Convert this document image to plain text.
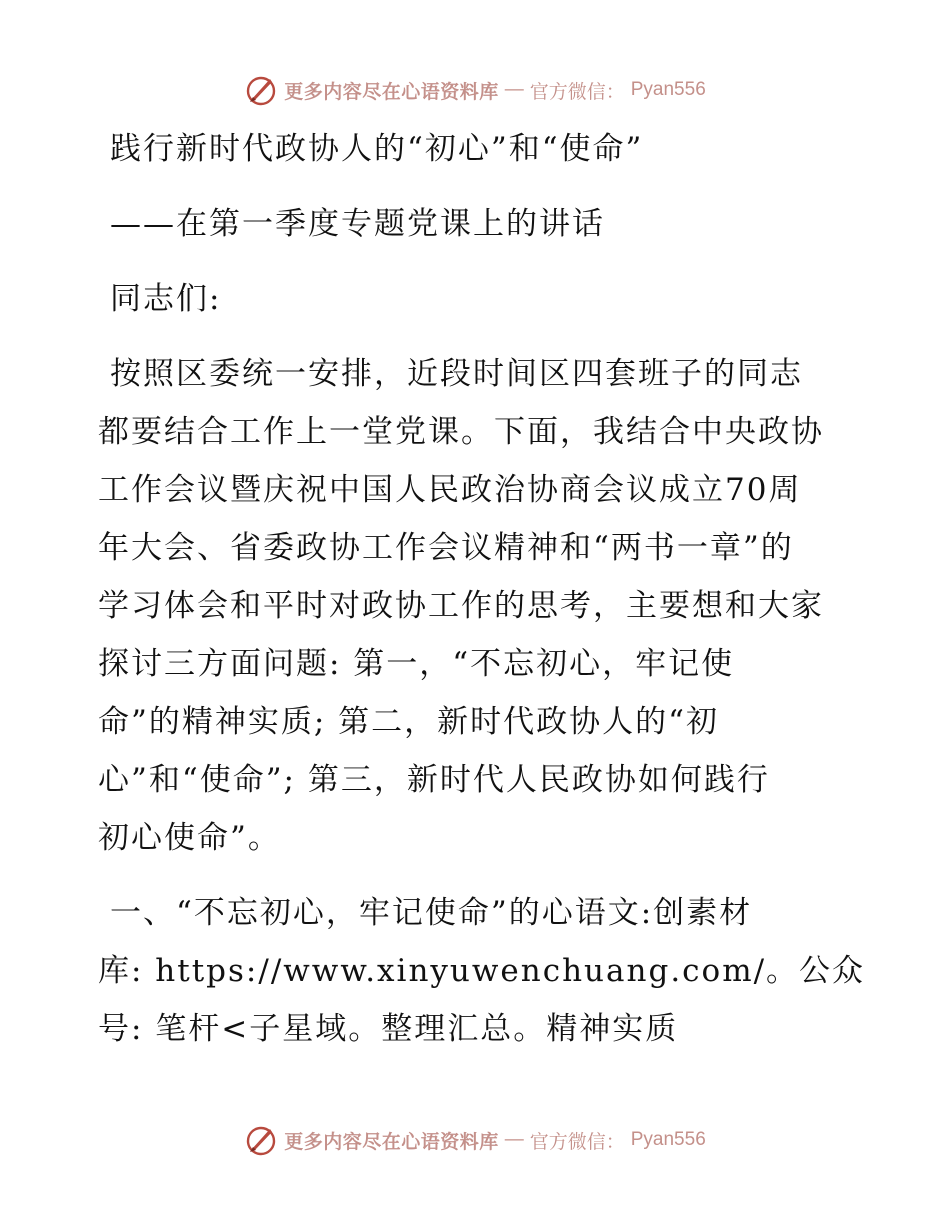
更多内容尽在心语资料库 — 官方微信： Pyan556
践行新时代政协人的“初心”和“使命”
——在第一季度专题党课上的讲话
同志们:
按照区委统一安排，近段时间区四套班子的同志
都要结合工作上一堂党课。下面，我结合中央政协
工作会议暨庆祝中国人民政治协商会议成立70周
年大会、省委政协工作会议精神和“两书一章”的
学习体会和平时对政协工作的思考，主要想和大家
探讨三方面问题: 第一，“不忘初心，牢记使
命”的精神实质; 第二，新时代政协人的“初
心”和“使命”; 第三，新时代人民政协如何践行
初心使命”。
一、“不忘初心，牢记使命”的心语文:创素材
库: https://www.xinyuwenchuang.com/。公众
号: 笔杆<子星域。整理汇总。精神实质
更多内容尽在心语资料库 — 官方微信： Pyan556
